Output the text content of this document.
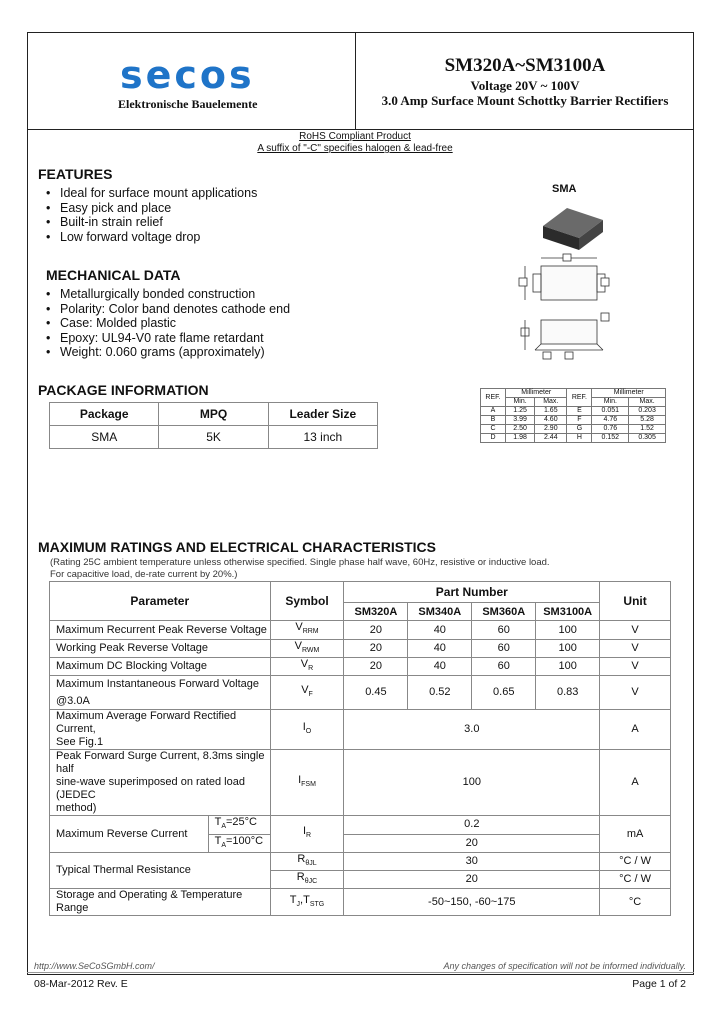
secos
Elektronische Bauelemente
SM320A~SM3100A
Voltage 20V ~ 100V
3.0 Amp Surface Mount Schottky Barrier Rectifiers
RoHS Compliant Product
A suffix of "-C" specifies halogen & lead-free
FEATURES
• Ideal for surface mount applications
• Easy pick and place
• Built-in strain relief
• Low forward voltage drop
MECHANICAL DATA
• Metallurgically bonded construction
• Polarity: Color band denotes cathode end
• Case: Molded plastic
• Epoxy: UL94-V0 rate flame retardant
• Weight: 0.060 grams (approximately)
PACKAGE INFORMATION
Package	MPQ	Leader Size
SMA	5K	13 inch
SMA
REF.	Millimeter		REF.	Millimeter	
	Min.	Max.		Min.	Max.
A	1.25	1.65	E	0.051	0.203
B	3.99	4.60	F	4.76	5.28
C	2.50	2.90	G	0.76	1.52
D	1.98	2.44	H	0.152	0.305
MAXIMUM RATINGS AND ELECTRICAL CHARACTERISTICS
(Rating 25C ambient temperature unless otherwise specified. Single phase half wave, 60Hz, resistive or inductive load.
For capacitive load, de-rate current by 20%.)
Parameter		Symbol	Part Number				Unit
			SM320A	SM340A	SM360A	SM3100A	
Maximum Recurrent Peak Reverse Voltage		$V_{RRM}$	20	40	60	100	V
Working Peak Reverse Voltage		$V_{RWM}$	20	40	60	100	V
Maximum DC Blocking Voltage		$V_R$	20	40	60	100	V

Maximum Instantaneous Forward Voltage
@3.0A		$V_F$	0.45	0.52	0.65	0.83	V

Maximum Average Forward Rectified Current,
See Fig.1		$I_O$	3.0				A

Peak Forward Surge Current, 8.3ms single half
sine-wave superimposed on rated load (JEDEC
method)		$I_{FSM}$	100				A
Maximum Reverse Current	$T_A=25^\circ C$	$I_R$	0.2				mA
	$T_A=100^\circ C$		20				
Typical Thermal Resistance		$R_{\theta JL}$	30				°C / W
		$R_{\theta JC}$	20				°C / W
Storage and Operating & Temperature Range		$T_J,T_{STG}$	-50~150, -60~175				°C
http://www.SeCoSGmbH.com/	Any changes of specification will not be informed individually.
08-Mar-2012 Rev. E	Page 1 of 2
